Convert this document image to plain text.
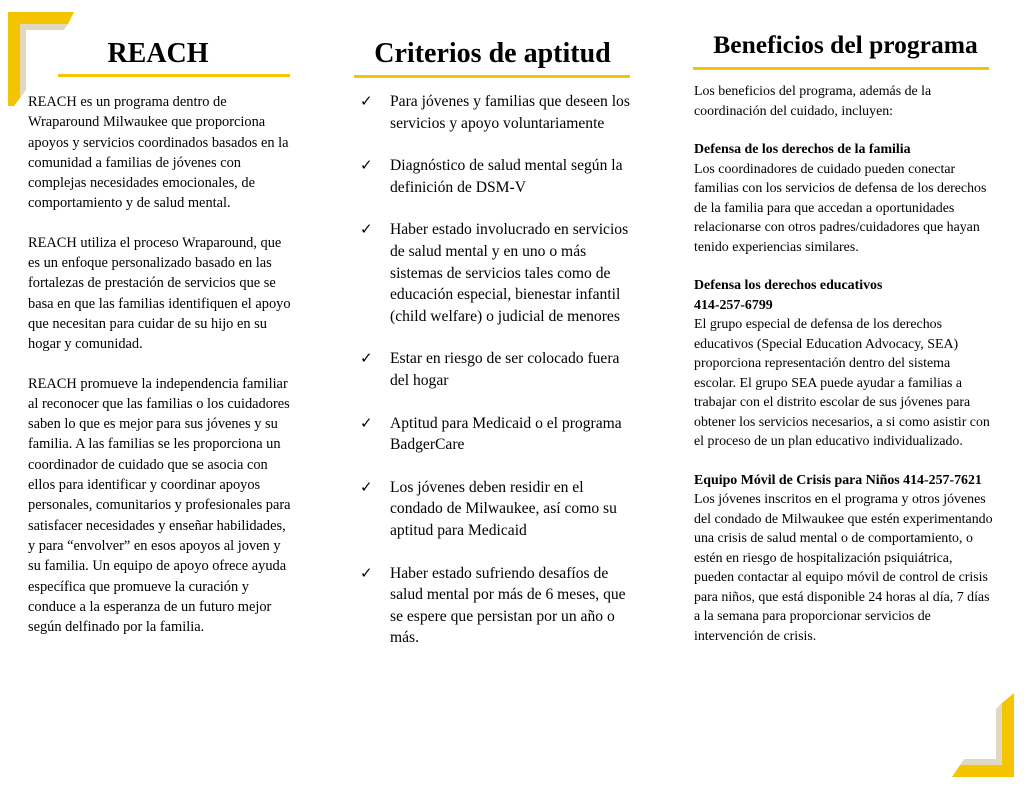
REACH

REACH es un programa dentro de Wraparound Milwaukee que proporciona apoyos y servicios coordinados basados en la comunidad a familias de jóvenes con complejas necesidades emocionales, de comportamiento y de salud mental.

REACH utiliza el proceso Wraparound, que es un enfoque personalizado basado en las fortalezas de prestación de servicios que se basa en que las familias identifiquen el apoyo que necesitan para cuidar de su hijo en su hogar y comunidad.

REACH promueve la independencia familiar al reconocer que las familias o los cuidadores saben lo que es mejor para sus jóvenes y su familia. A las familias se les proporciona un coordinador de cuidado que se asocia con ellos para identificar y coordinar apoyos personales, comunitarios y profesionales para satisfacer necesidades y enseñar habilidades, y para “envolver” en esos apoyos al joven y su familia. Un equipo de apoyo ofrece ayuda específica que promueve la curación y conduce a la esperanza de un futuro mejor según delfinado por la familia.

Criterios de aptitud
✓ Para jóvenes y familias que deseen los servicios y apoyo voluntariamente
✓ Diagnóstico de salud mental según la definición de DSM-V
✓ Haber estado involucrado en servicios de salud mental y en uno o más sistemas de servicios tales como de educación especial, bienestar infantil (child welfare) o judicial de menores
✓ Estar en riesgo de ser colocado fuera del hogar
✓ Aptitud para Medicaid o el programa BadgerCare
✓ Los jóvenes deben residir en el condado de Milwaukee, así como su aptitud para Medicaid
✓ Haber estado sufriendo desafíos de salud mental por más de 6 meses, que se espere que persistan por un año o más.
Beneficios del programa
Los beneficios del programa, además de la coordinación del cuidado, incluyen:
Defensa de los derechos de la familia
Los coordinadores de cuidado pueden conectar familias con los servicios de defensa de los derechos de la familia para que accedan a oportunidades relacionarse con otros padres/cuidadores que hayan tenido experiencias similares.
Defensa los derechos educativos
414-257-6799
El grupo especial de defensa de los derechos educativos (Special Education Advocacy, SEA) proporciona representación dentro del sistema escolar. El grupo SEA puede ayudar a familias a trabajar con el distrito escolar de sus jóvenes para obtener los servicios necesarios, a si como asistir con el proceso de un plan educativo individualizado.
Equipo Móvil de Crisis para Niños 414-257-7621
Los jóvenes inscritos en el programa y otros jóvenes del condado de Milwaukee que estén experimentando una crisis de salud mental o de comportamiento, o estén en riesgo de hospitalización psiquiátrica, pueden contactar al equipo móvil de control de crisis para niños, que está disponible 24 horas al día, 7 días a la semana para proporcionar servicios de intervención de crisis.
